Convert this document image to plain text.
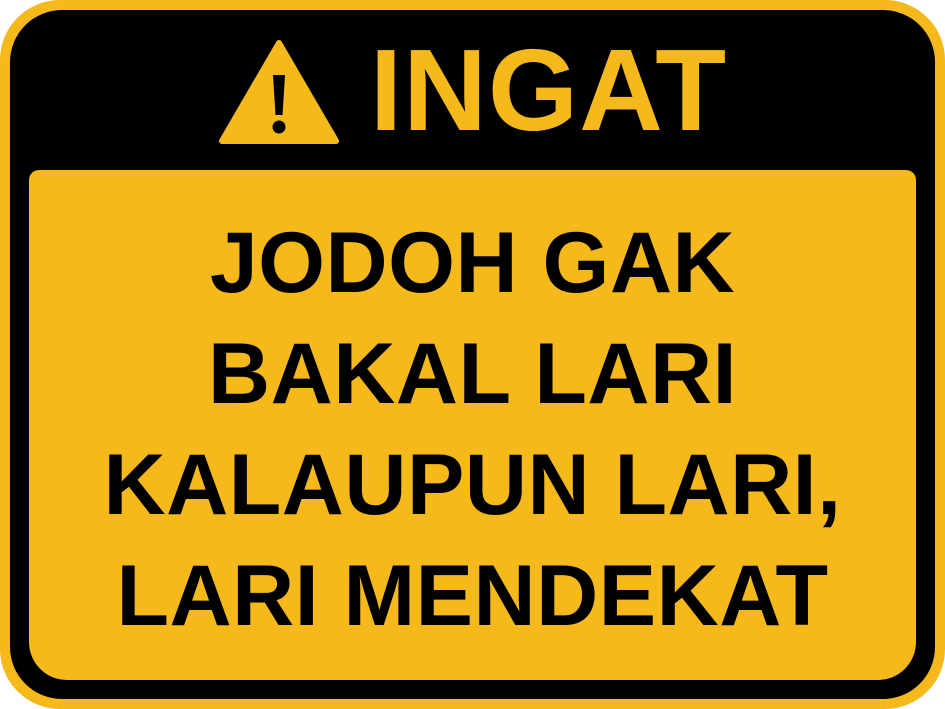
INGAT
JODOH GAK
BAKAL LARI
KALAUPUN LARI,
LARI MENDEKAT
